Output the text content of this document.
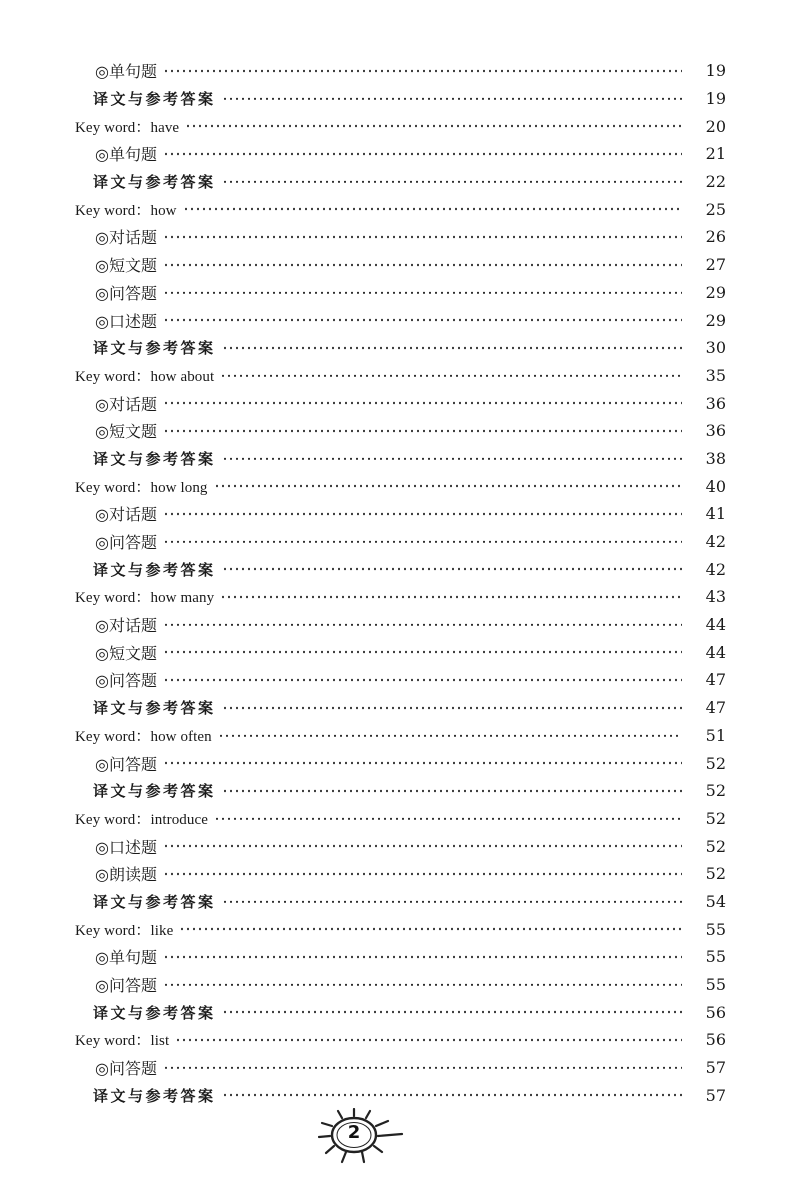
◎单句题	19
译文与参考答案	19
Key word：have	20
◎单句题	21
译文与参考答案	22
Key word：how	25
◎对话题	26
◎短文题	27
◎问答题	29
◎口述题	29
译文与参考答案	30
Key word：how about	35
◎对话题	36
◎短文题	36
译文与参考答案	38
Key word：how long	40
◎对话题	41
◎问答题	42
译文与参考答案	42
Key word：how many	43
◎对话题	44
◎短文题	44
◎问答题	47
译文与参考答案	47
Key word：how often	51
◎问答题	52
译文与参考答案	52
Key word：introduce	52
◎口述题	52
◎朗读题	52
译文与参考答案	54
Key word：like	55
◎单句题	55
◎问答题	55
译文与参考答案	56
Key word：list	56
◎问答题	57
译文与参考答案	57
2
